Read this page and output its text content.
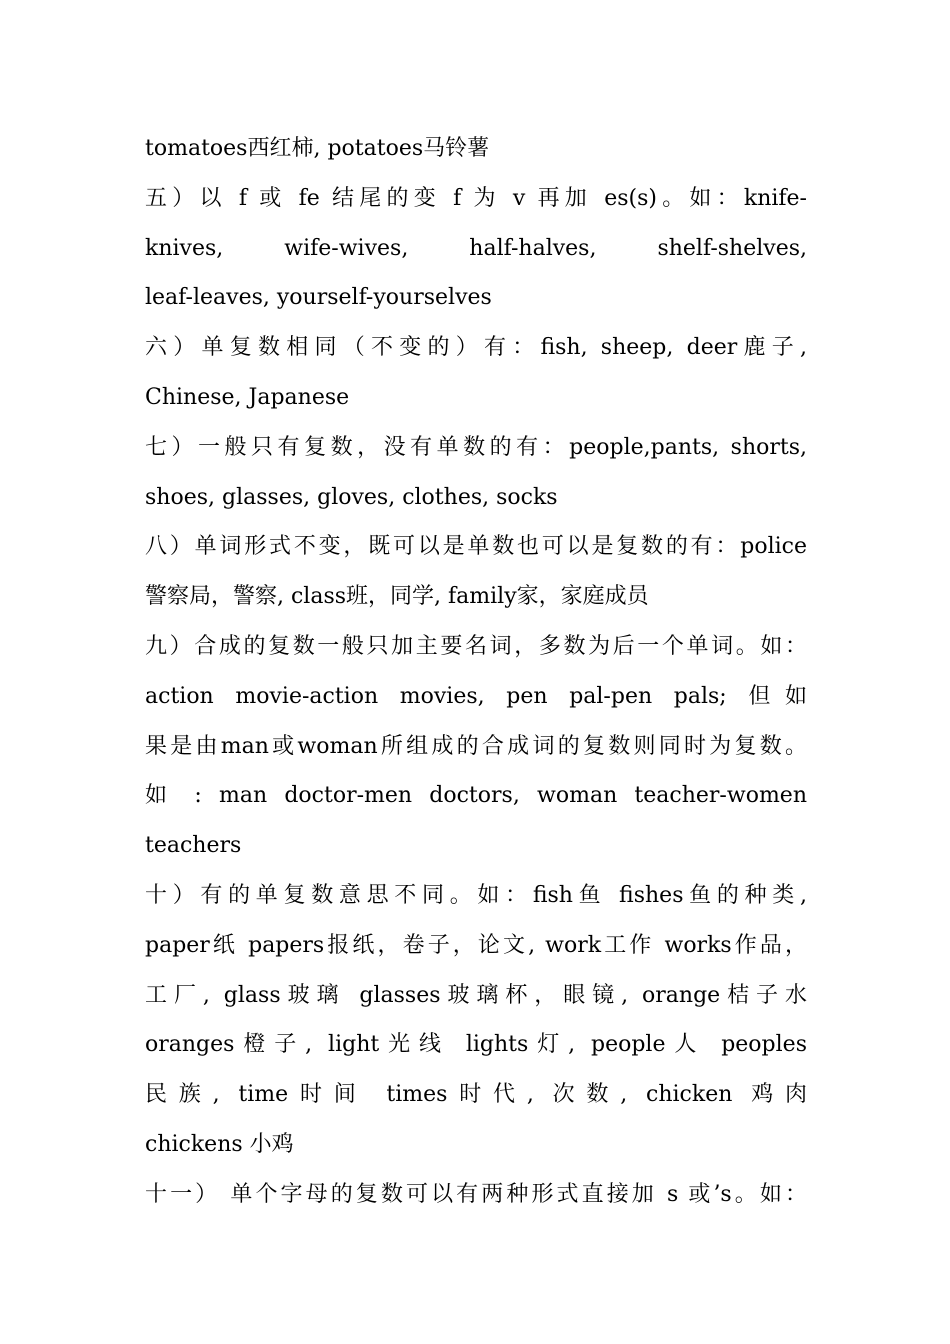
tomatoes西红柿, potatoes马铃薯
五）以 f 或 fe 结尾的变 f 为 v 再加 es(s)。如：knife-
knives, wife-wives, half-halves, shelf-shelves,
leaf-leaves, yourself-yourselves
六）单复数相同（不变的）有：fish, sheep, deer鹿子,
Chinese, Japanese
七）一般只有复数，没有单数的有：people,pants, shorts,
shoes, glasses, gloves, clothes, socks
八）单词形式不变，既可以是单数也可以是复数的有：police
警察局，警察, class班，同学, family家，家庭成员
九）合成的复数一般只加主要名词，多数为后一个单词。如：
action movie-action movies, pen pal-pen pals; 但如
果是由man或woman所组成的合成词的复数则同时为复数。
如 : man doctor-men doctors, woman teacher-women
teachers
十）有的单复数意思不同。如：fish鱼 fishes鱼的种类,
paper纸 papers报纸，卷子，论文, work工作 works作品，
工厂, glass玻璃 glasses玻璃杯，眼镜, orange桔子水
oranges橙子, light光线 lights灯, people人 peoples
民族, time时间 times时代, 次数, chicken 鸡肉
chickens 小鸡
十一） 单个字母的复数可以有两种形式直接加 s 或’s。如：
